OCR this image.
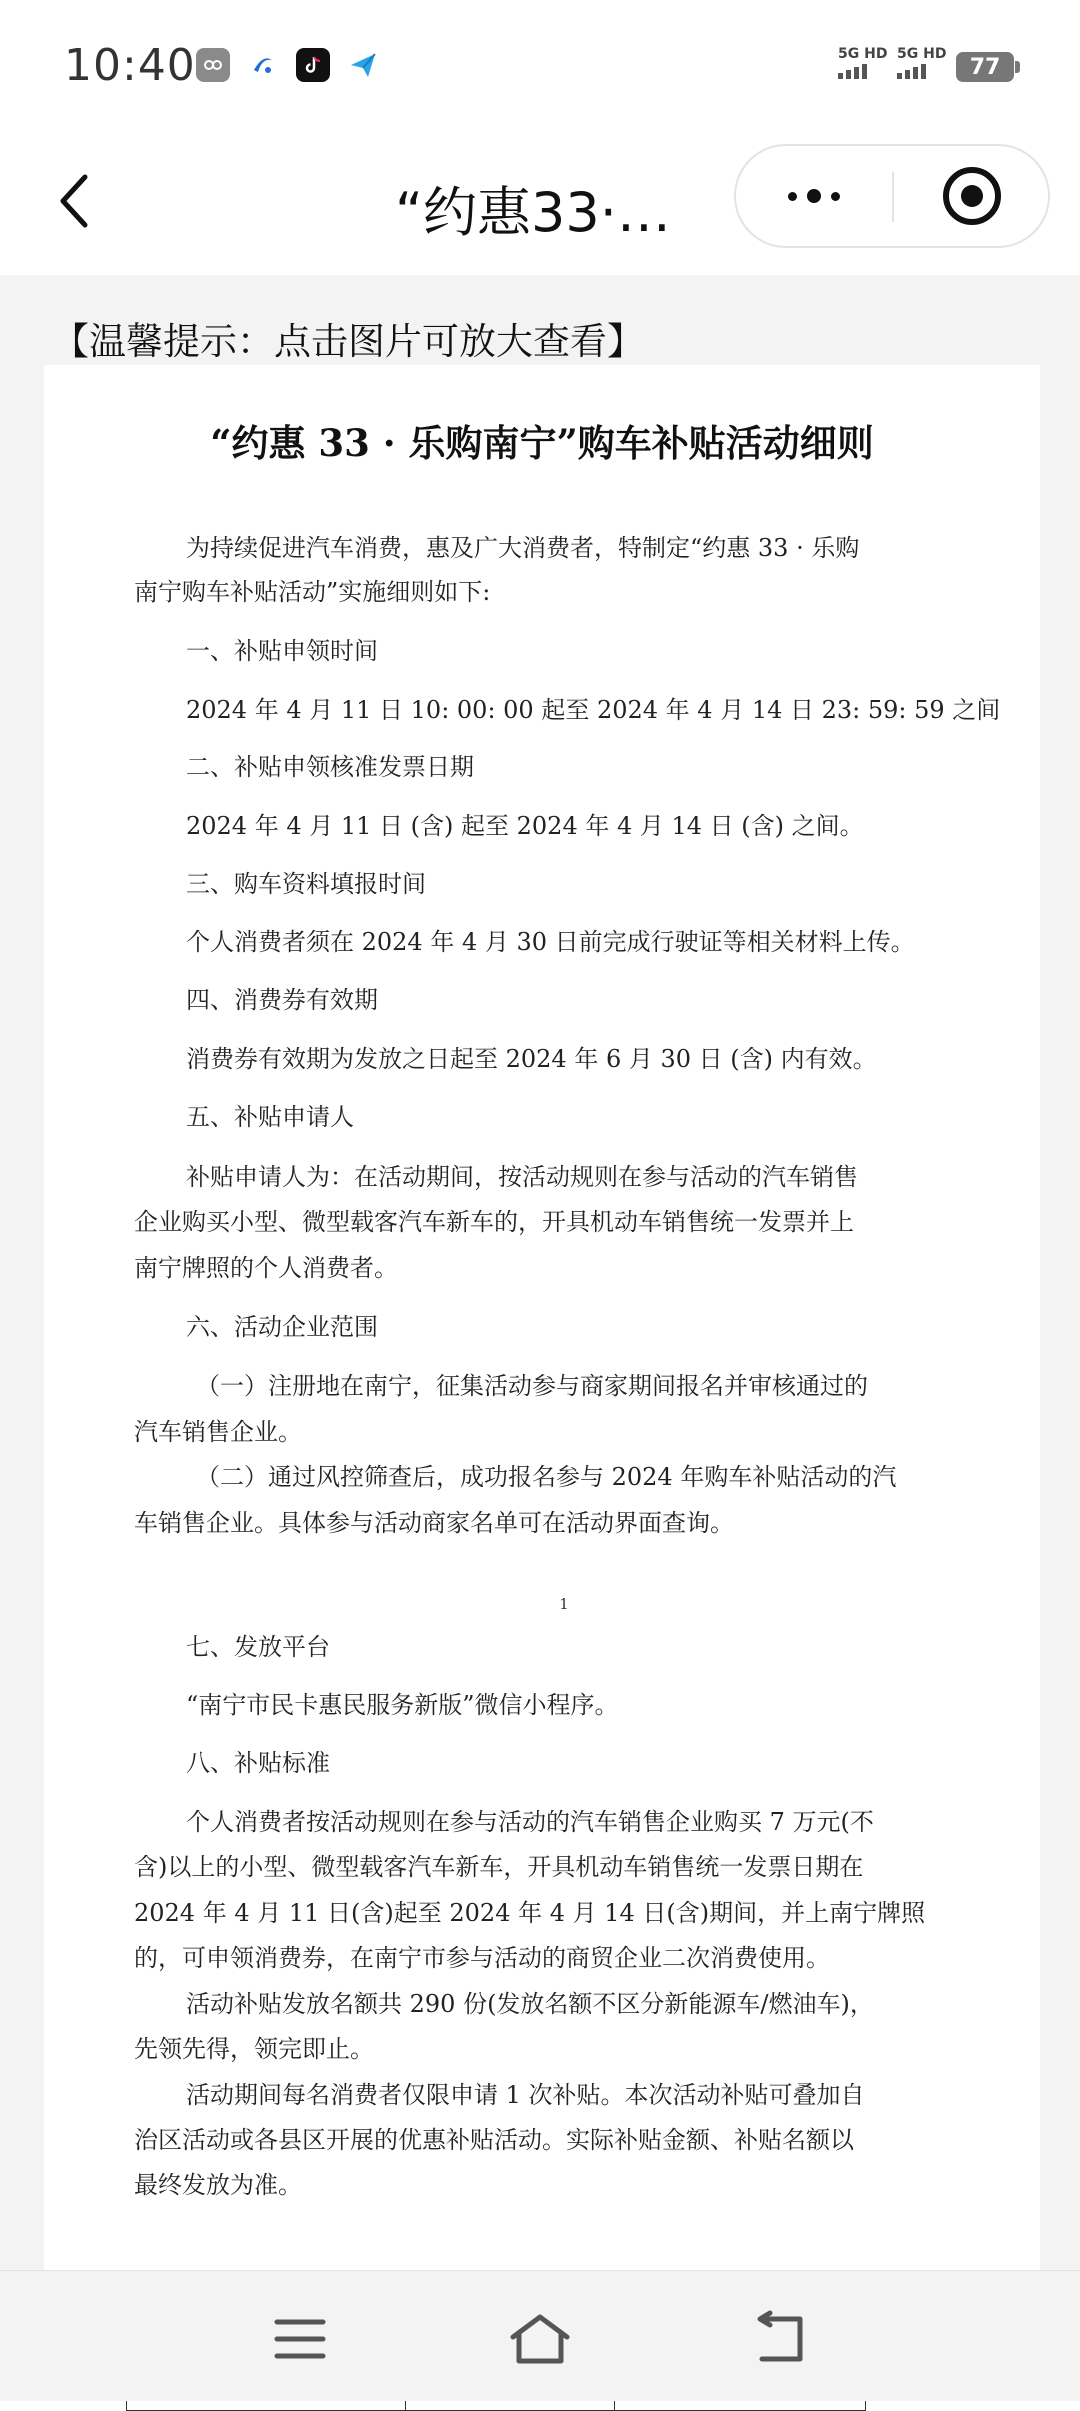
10:40	5G HD 5G HD
77
“约惠33·…
【温馨提示：点击图片可放大查看】
“约惠 33 · 乐购南宁”购车补贴活动细则
为持续促进汽车消费，惠及广大消费者，特制定“约惠 33 · 乐购
南宁购车补贴活动”实施细则如下:
一、补贴申领时间
2024 年 4 月 11 日 10: 00: 00 起至 2024 年 4 月 14 日 23: 59: 59 之间
二、补贴申领核准发票日期
2024 年 4 月 11 日 (含) 起至 2024 年 4 月 14 日 (含) 之间。
三、购车资料填报时间
个人消费者须在 2024 年 4 月 30 日前完成行驶证等相关材料上传。
四、消费券有效期
消费券有效期为发放之日起至 2024 年 6 月 30 日 (含) 内有效。
五、补贴申请人
补贴申请人为：在活动期间，按活动规则在参与活动的汽车销售
企业购买小型、微型载客汽车新车的，开具机动车销售统一发票并上
南宁牌照的个人消费者。
六、活动企业范围
（一）注册地在南宁，征集活动参与商家期间报名并审核通过的
汽车销售企业。
（二）通过风控筛查后，成功报名参与 2024 年购车补贴活动的汽
车销售企业。具体参与活动商家名单可在活动界面查询。
1
七、发放平台
“南宁市民卡惠民服务新版”微信小程序。
八、补贴标准
个人消费者按活动规则在参与活动的汽车销售企业购买 7 万元(不
含)以上的小型、微型载客汽车新车，开具机动车销售统一发票日期在
2024 年 4 月 11 日(含)起至 2024 年 4 月 14 日(含)期间，并上南宁牌照
的，可申领消费券，在南宁市参与活动的商贸企业二次消费使用。
活动补贴发放名额共 290 份(发放名额不区分新能源车/燃油车)，
先领先得，领完即止。
活动期间每名消费者仅限申请 1 次补贴。本次活动补贴可叠加自
治区活动或各县区开展的优惠补贴活动。实际补贴金额、补贴名额以
最终发放为准。
